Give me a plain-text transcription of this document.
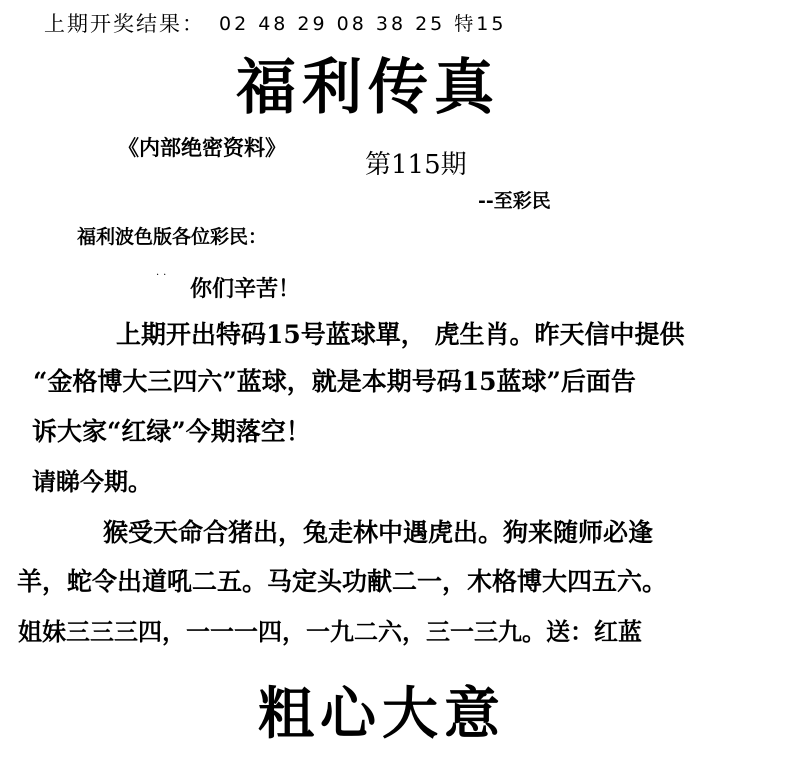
上期开奖结果： 02 48 29 08 38 25 特15
福利传真
《内部绝密资料》
第115期
--至彩民
福利波色版各位彩民：
..
你们辛苦！
上期开出特码15号蓝球單， 虎生肖。昨天信中提供
“金格博大三四六”蓝球，就是本期号码15蓝球”后面告
诉大家“红绿”今期落空！
请睇今期。
猴受天命合猪出，兔走林中遇虎出。狗来随师必逢
羊，蛇令出道吼二五。马定头功献二一，木格博大四五六。
姐妹三三三四，一一一四，一九二六，三一三九。送：红蓝
粗心大意
